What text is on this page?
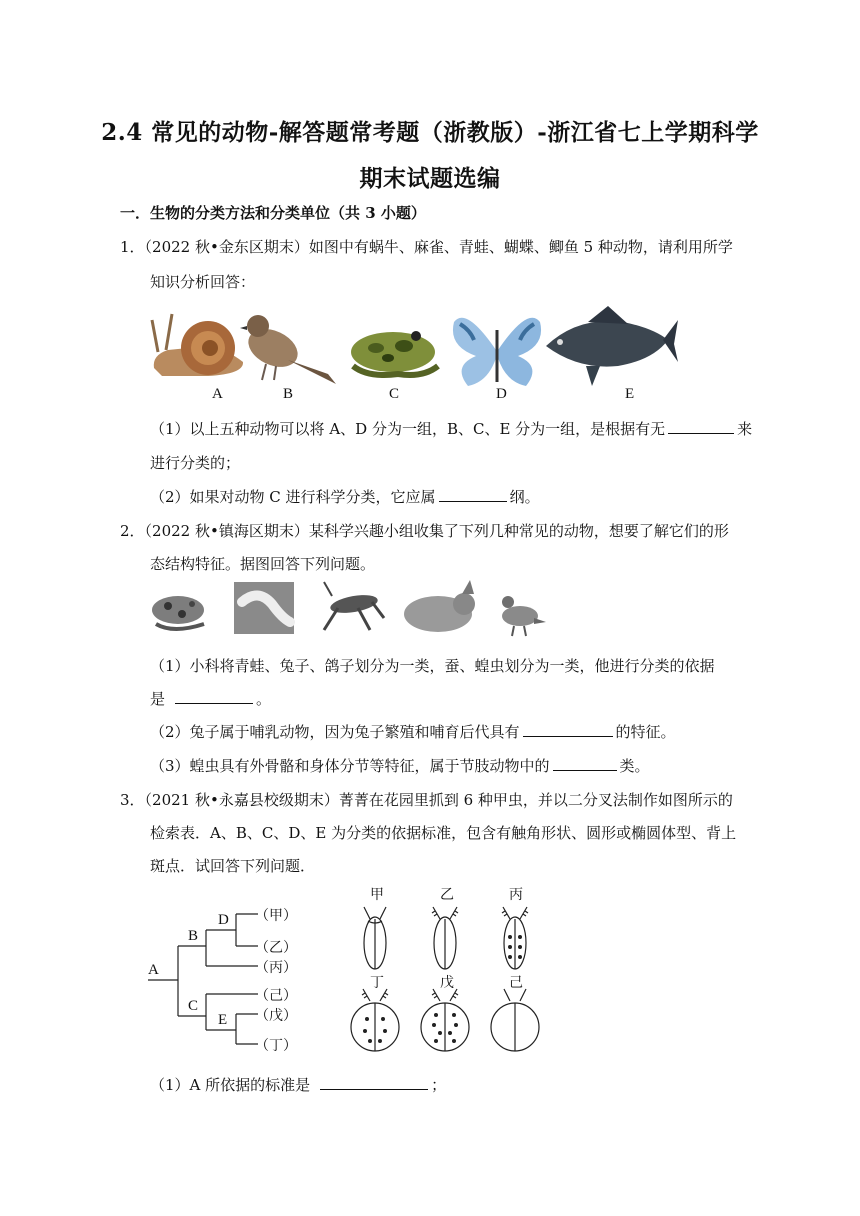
2.4 常见的动物-解答题常考题（浙教版）-浙江省七上学期科学
期末试题选编
一．生物的分类方法和分类单位（共 3 小题）
1．（2022 秋•金东区期末）如图中有蜗牛、麻雀、青蛙、蝴蝶、鲫鱼 5 种动物，请利用所学
知识分析回答：
A	B	C	D	E
（1）以上五种动物可以将 A、D 分为一组，B、C、E 分为一组，是根据有无	来
进行分类的；
（2）如果对动物 C 进行科学分类，它应属	纲。
2．（2022 秋•镇海区期末）某科学兴趣小组收集了下列几种常见的动物，想要了解它们的形
态结构特征。据图回答下列问题。
（1）小科将青蛙、兔子、鸽子划分为一类，蚕、蝗虫划分为一类，他进行分类的依据
是	。
（2）兔子属于哺乳动物，因为兔子繁殖和哺育后代具有	的特征。
（3）蝗虫具有外骨骼和身体分节等特征，属于节肢动物中的	类。
3．（2021 秋•永嘉县校级期末）菁菁在花园里抓到 6 种甲虫，并以二分叉法制作如图所示的
检索表．A、B、C、D、E 为分类的依据标准，包含有触角形状、圆形或椭圆体型、背上
斑点．试回答下列问题．
A
B
C
D
E
（甲）
（乙）
（丙）
（己）
（戊）
（丁）
甲	乙	丙
丁	戊	己
（1）A 所依据的标准是	；
